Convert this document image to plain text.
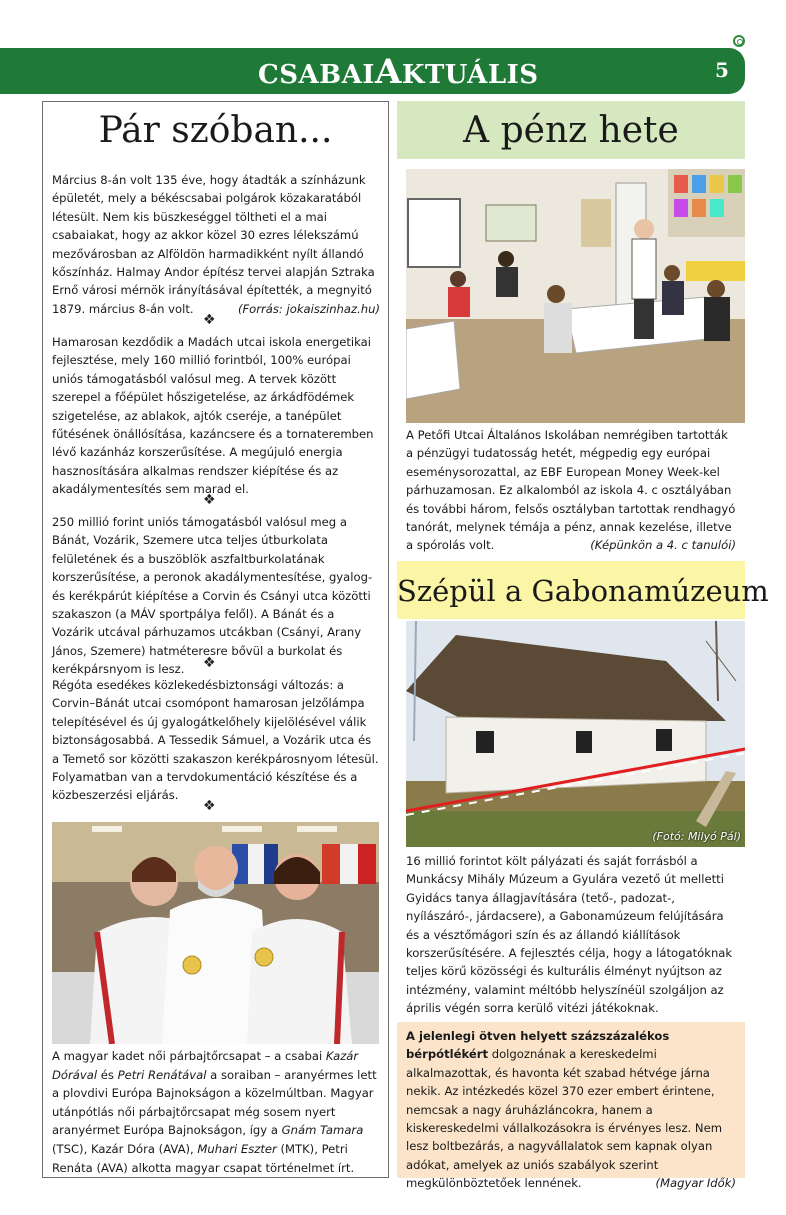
CSABAIAKTUÁLIS	5
Pár szóban...
Március 8-án volt 135 éve, hogy átadták a színházunk épületét, mely a békéscsabai polgárok közakaratából létesült. Nem kis büszkeséggel töltheti el a mai csabaiakat, hogy az akkor közel 30 ezres lélekszámú mezővárosban az Alföldön harmadikként nyílt állandó kőszínház. Halmay Andor építész tervei alapján Sztraka Ernő városi mérnök irányításával építették, a megnyitó 1879. március 8-án volt.	(Forrás: jokaiszinhaz.hu)
❖
Hamarosan kezdődik a Madách utcai iskola energetikai fejlesztése, mely 160 millió forintból, 100% európai uniós támogatásból valósul meg. A tervek között szerepel a főépület hőszigetelése, az árkádfödémek szigetelése, az ablakok, ajtók cseréje, a tanépület fűtésének önállósítása, kazáncsere és a tornateremben lévő kazánház korszerűsítése. A megújuló energia hasznosítására alkalmas rendszer kiépítése és az akadálymentesítés sem marad el.
❖
250 millió forint uniós támogatásból valósul meg a Bánát, Vozárik, Szemere utca teljes útburkolata felületének és a buszöblök aszfaltburkolatának korszerűsítése, a peronok akadálymentesítése, gyalog- és kerékpárút kiépítése a Corvin és Csányi utca közötti szakaszon (a MÁV sportpálya felől). A Bánát és a Vozárik utcával párhuzamos utcákban (Csányi, Arany János, Szemere) hatméteresre bővül a burkolat és kerékpársnyom is lesz.	❖
Régóta esedékes közlekedésbiztonsági változás: a Corvin–Bánát utcai csomópont hamarosan jelzőlámpa telepítésével és új gyalogátkelőhely kijelölésével válik biztonságosabbá. A Tessedik Sámuel, a Vozárik utca és a Temető sor közötti szakaszon kerékpárosnyom létesül. Folyamatban van a tervdokumentáció készítése és a közbeszerzési eljárás.
❖
A magyar kadet női párbajtőrcsapat – a csabai Kazár Dórával és Petri Renátával a soraiban – aranyérmes lett a plovdivi Európa Bajnokságon a közelmúltban. Magyar utánpótlás női párbajtőrcsapat még sosem nyert aranyérmet Európa Bajnokságon, így a Gnám Tamara (TSC), Kazár Dóra (AVA), Muhari Eszter (MTK), Petri Renáta (AVA) alkotta magyar csapat történelmet írt.
A pénz hete
A Petőfi Utcai Általános Iskolában nemrégiben tartották a pénzügyi tudatosság hetét, mégpedig egy európai eseménysorozattal, az EBF European Money Week-kel párhuzamosan. Ez alkalomból az iskola 4. c osztályában és további három, felsős osztályban tartottak rendhagyó tanórát, melynek témája a pénz, annak kezelése, illetve a spórolás volt.	(Képünkön a 4. c tanulói)
Szépül a Gabonamúzeum
(Fotó: Milyó Pál)
16 millió forintot költ pályázati és saját forrásból a Munkácsy Mihály Múzeum a Gyulára vezető út melletti Gyidács tanya állagjavítására (tető-, padozat-, nyílászáró-, járdacsere), a Gabonamúzeum felújítására és a vésztőmágori szín és az állandó kiállítások korszerűsítésére. A fejlesztés célja, hogy a látogatóknak teljes körű közösségi és kulturális élményt nyújtson az intézmény, valamint méltóbb helyszínéül szolgáljon az április végén sorra kerülő vitézi játékoknak.
A jelenlegi ötven helyett százszázalékos bérpótlékért dolgoznának a kereskedelmi alkalmazottak, és havonta két szabad hétvége járna nekik. Az intézkedés közel 370 ezer embert érintene, nemcsak a nagy áruházláncokra, hanem a kiskereskedelmi vállalkozásokra is érvényes lesz. Nem lesz boltbezárás, a nagyvállalatok sem kapnak olyan adókat, amelyek az uniós szabályok szerint megkülönböztetőek lennének.	(Magyar Idők)
